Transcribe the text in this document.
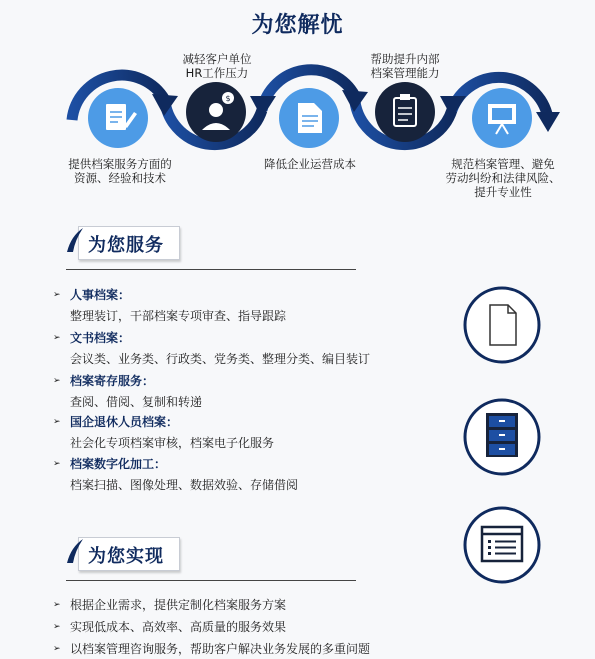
为您解忧
$
提供档案服务方面的
资源、经验和技术
减轻客户单位
HR工作压力
降低企业运营成本
帮助提升内部
档案管理能力
规范档案管理、避免
劳动纠纷和法律风险、
提升专业性
为您服务
➢ 人事档案：
整理装订，干部档案专项审查、指导跟踪
➢ 文书档案：
会议类、业务类、行政类、党务类、整理分类、编目装订
➢ 档案寄存服务：
查阅、借阅、复制和转递
➢ 国企退休人员档案：
社会化专项档案审核，档案电子化服务
➢ 档案数字化加工：
档案扫描、图像处理、数据效验、存储借阅
为您实现
➢ 根据企业需求，提供定制化档案服务方案
➢ 实现低成本、高效率、高质量的服务效果
➢ 以档案管理咨询服务，帮助客户解决业务发展的多重问题
